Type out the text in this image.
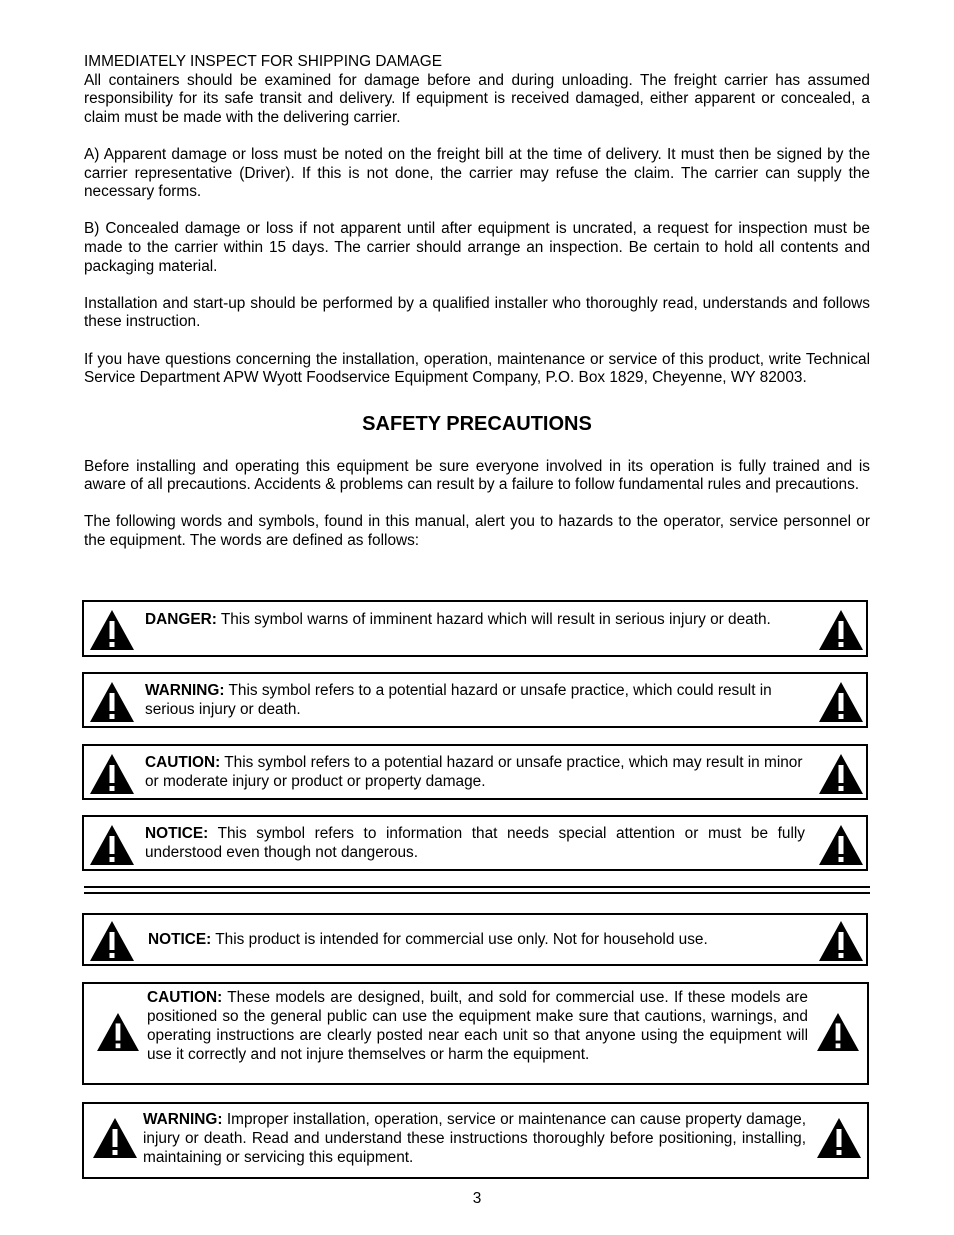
IMMEDIATELY INSPECT FOR SHIPPING DAMAGE

All containers should be examined for damage before and during unloading. The freight carrier has assumed responsibility for its safe transit and delivery. If equipment is received damaged, either apparent or concealed, a claim must be made with the delivering carrier.

A) Apparent damage or loss must be noted on the freight bill at the time of delivery. It must then be signed by the carrier representative (Driver). If this is not done, the carrier may refuse the claim. The carrier can supply the necessary forms.

B) Concealed damage or loss if not apparent until after equipment is uncrated, a request for inspection must be made to the carrier within 15 days. The carrier should arrange an inspection. Be certain to hold all contents and packaging material.

Installation and start-up should be performed by a qualified installer who thoroughly read, understands and follows these instruction.

If you have questions concerning the installation, operation, maintenance or service of this product, write Technical Service Department APW Wyott Foodservice Equipment Company, P.O. Box 1829, Cheyenne, WY 82003.

SAFETY PRECAUTIONS

Before installing and operating this equipment be sure everyone involved in its operation is fully trained and is aware of all precautions. Accidents & problems can result by a failure to follow fundamental rules and precautions.

The following words and symbols, found in this manual, alert you to hazards to the operator, service personnel or the equipment. The words are defined as follows:

DANGER: This symbol warns of imminent hazard which will result in serious injury or death.
WARNING: This symbol refers to a potential hazard or unsafe practice, which could result in serious injury or death.
CAUTION: This symbol refers to a potential hazard or unsafe practice, which may result in minor or moderate injury or product or property damage.
NOTICE: This symbol refers to information that needs special attention or must be fully understood even though not dangerous.
NOTICE: This product is intended for commercial use only. Not for household use.
CAUTION: These models are designed, built, and sold for commercial use. If these models are positioned so the general public can use the equipment make sure that cautions, warnings, and operating instructions are clearly posted near each unit so that anyone using the equipment will use it correctly and not injure themselves or harm the equipment.
WARNING: Improper installation, operation, service or maintenance can cause property damage, injury or death. Read and understand these instructions thoroughly before positioning, installing, maintaining or servicing this equipment.
3
